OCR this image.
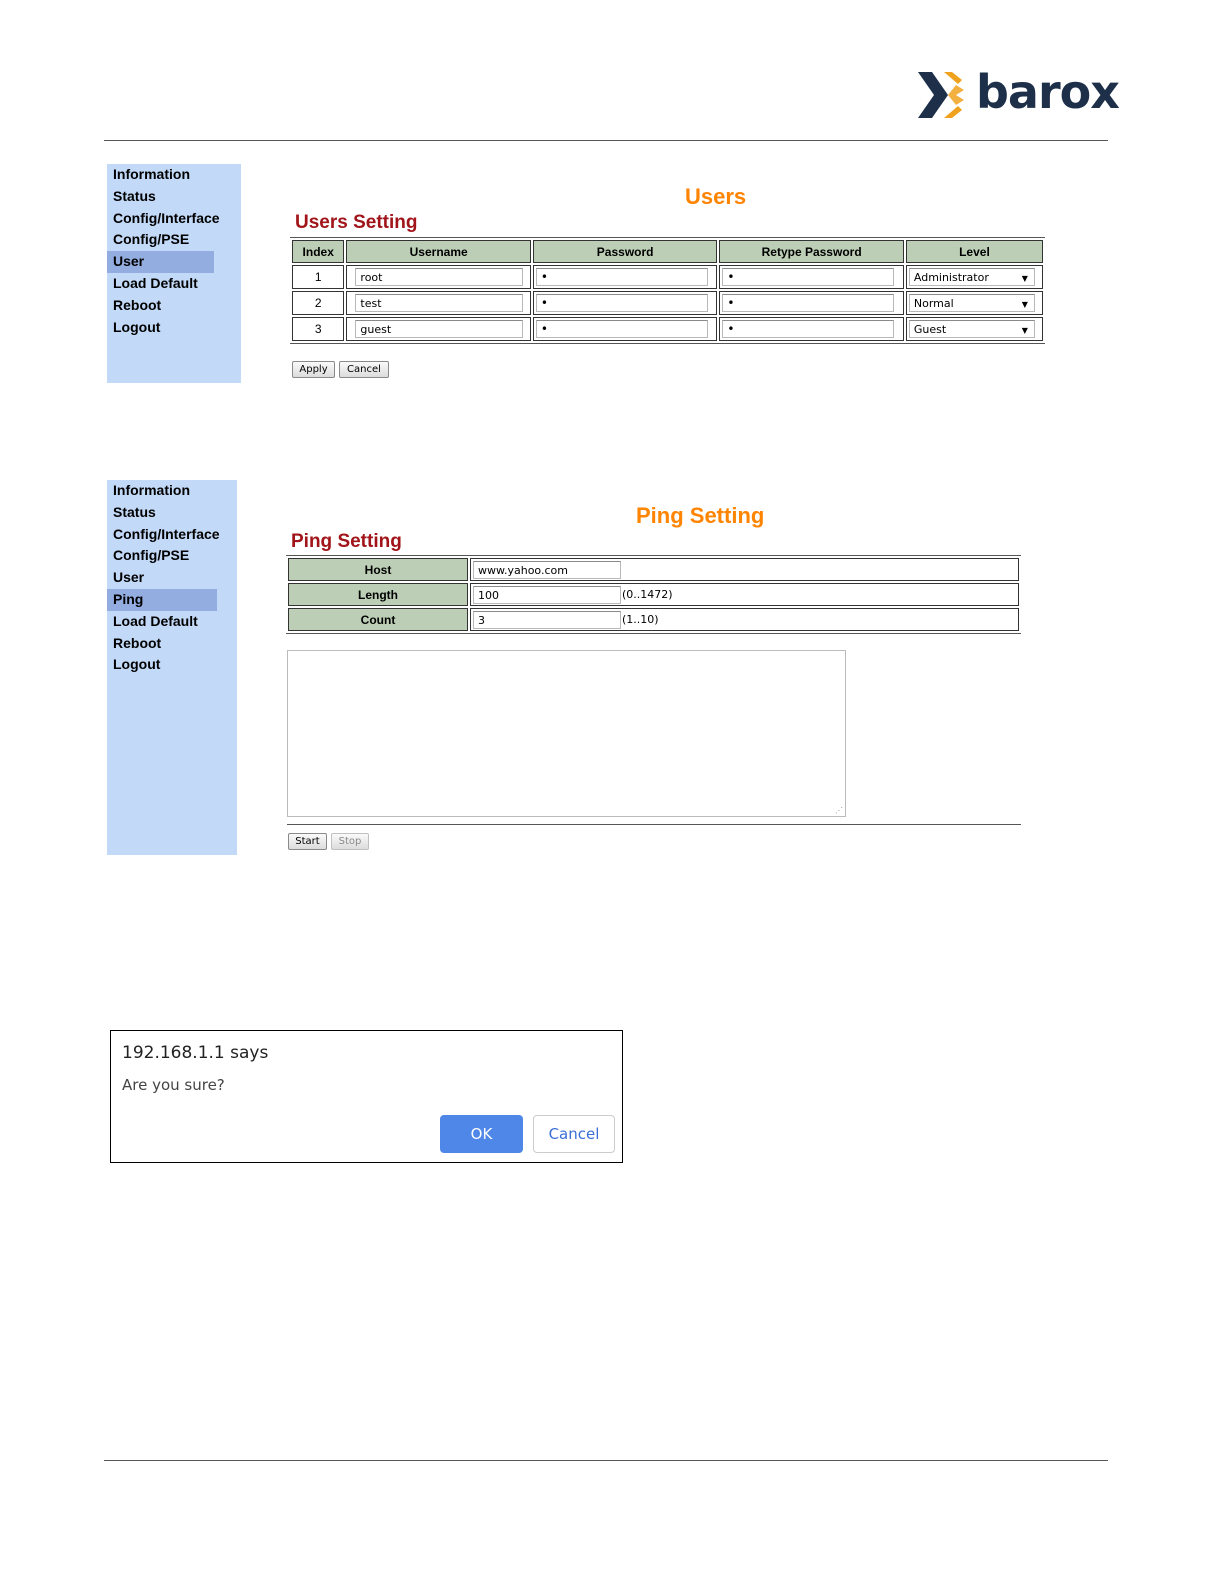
barox
Information
Status
Config/Interface
Config/PSE
User
Load Default
Reboot
Logout
Users
Users Setting
Index	Username	Password	Retype Password	Level
1	root	•	•	Administrator ▼

2	test	•	•	Normal ▼

3	guest	•	•	Guest ▼
Apply	Cancel
Information
Status
Config/Interface
Config/PSE
User
Ping
Load Default
Reboot
Logout
Ping Setting
Ping Setting
Host	www.yahoo.com
Length	100 (0..1472)
Count	3 (1..10)
⋰
Start	Stop
192.168.1.1 says
Are you sure?
OK	Cancel
